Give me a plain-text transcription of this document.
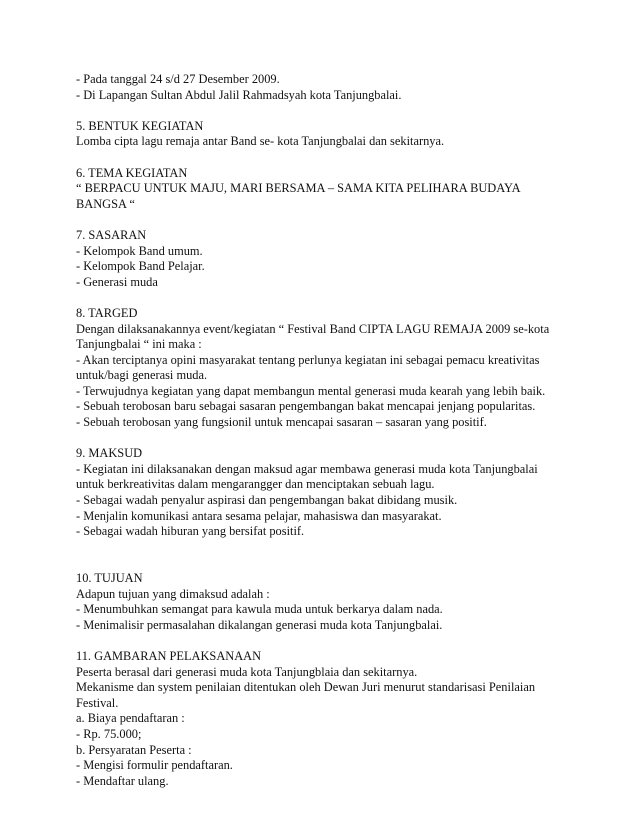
- Pada tanggal 24 s/d 27 Desember 2009.

- Di Lapangan Sultan Abdul Jalil Rahmadsyah kota Tanjungbalai.

5. BENTUK KEGIATAN

Lomba cipta lagu remaja antar Band se- kota Tanjungbalai dan sekitarnya.

6. TEMA KEGIATAN

“ BERPACU UNTUK MAJU, MARI BERSAMA – SAMA KITA PELIHARA BUDAYA

BANGSA “

7. SASARAN

- Kelompok Band umum.

- Kelompok Band Pelajar.

- Generasi muda

8. TARGED

Dengan dilaksanakannya event/kegiatan “ Festival Band CIPTA LAGU REMAJA 2009 se-kota

Tanjungbalai “ ini maka :

- Akan terciptanya opini masyarakat tentang perlunya kegiatan ini sebagai pemacu kreativitas

untuk/bagi generasi muda.

- Terwujudnya kegiatan yang dapat membangun mental generasi muda kearah yang lebih baik.

- Sebuah terobosan baru sebagai sasaran pengembangan bakat mencapai jenjang popularitas.

- Sebuah terobosan yang fungsionil untuk mencapai sasaran – sasaran yang positif.

9. MAKSUD

- Kegiatan ini dilaksanakan dengan maksud agar membawa generasi muda kota Tanjungbalai

untuk berkreativitas dalam mengarangger dan menciptakan sebuah lagu.

- Sebagai wadah penyalur aspirasi dan pengembangan bakat dibidang musik.

- Menjalin komunikasi antara sesama pelajar, mahasiswa dan masyarakat.

- Sebagai wadah hiburan yang bersifat positif.

10. TUJUAN

Adapun tujuan yang dimaksud adalah :

- Menumbuhkan semangat para kawula muda untuk berkarya dalam nada.

- Menimalisir permasalahan dikalangan generasi muda kota Tanjungbalai.

11. GAMBARAN PELAKSANAAN

Peserta berasal dari generasi muda kota Tanjungblaia dan sekitarnya.

Mekanisme dan system penilaian ditentukan oleh Dewan Juri menurut standarisasi Penilaian

Festival.

a. Biaya pendaftaran :

- Rp. 75.000;

b. Persyaratan Peserta :

- Mengisi formulir pendaftaran.

- Mendaftar ulang.
